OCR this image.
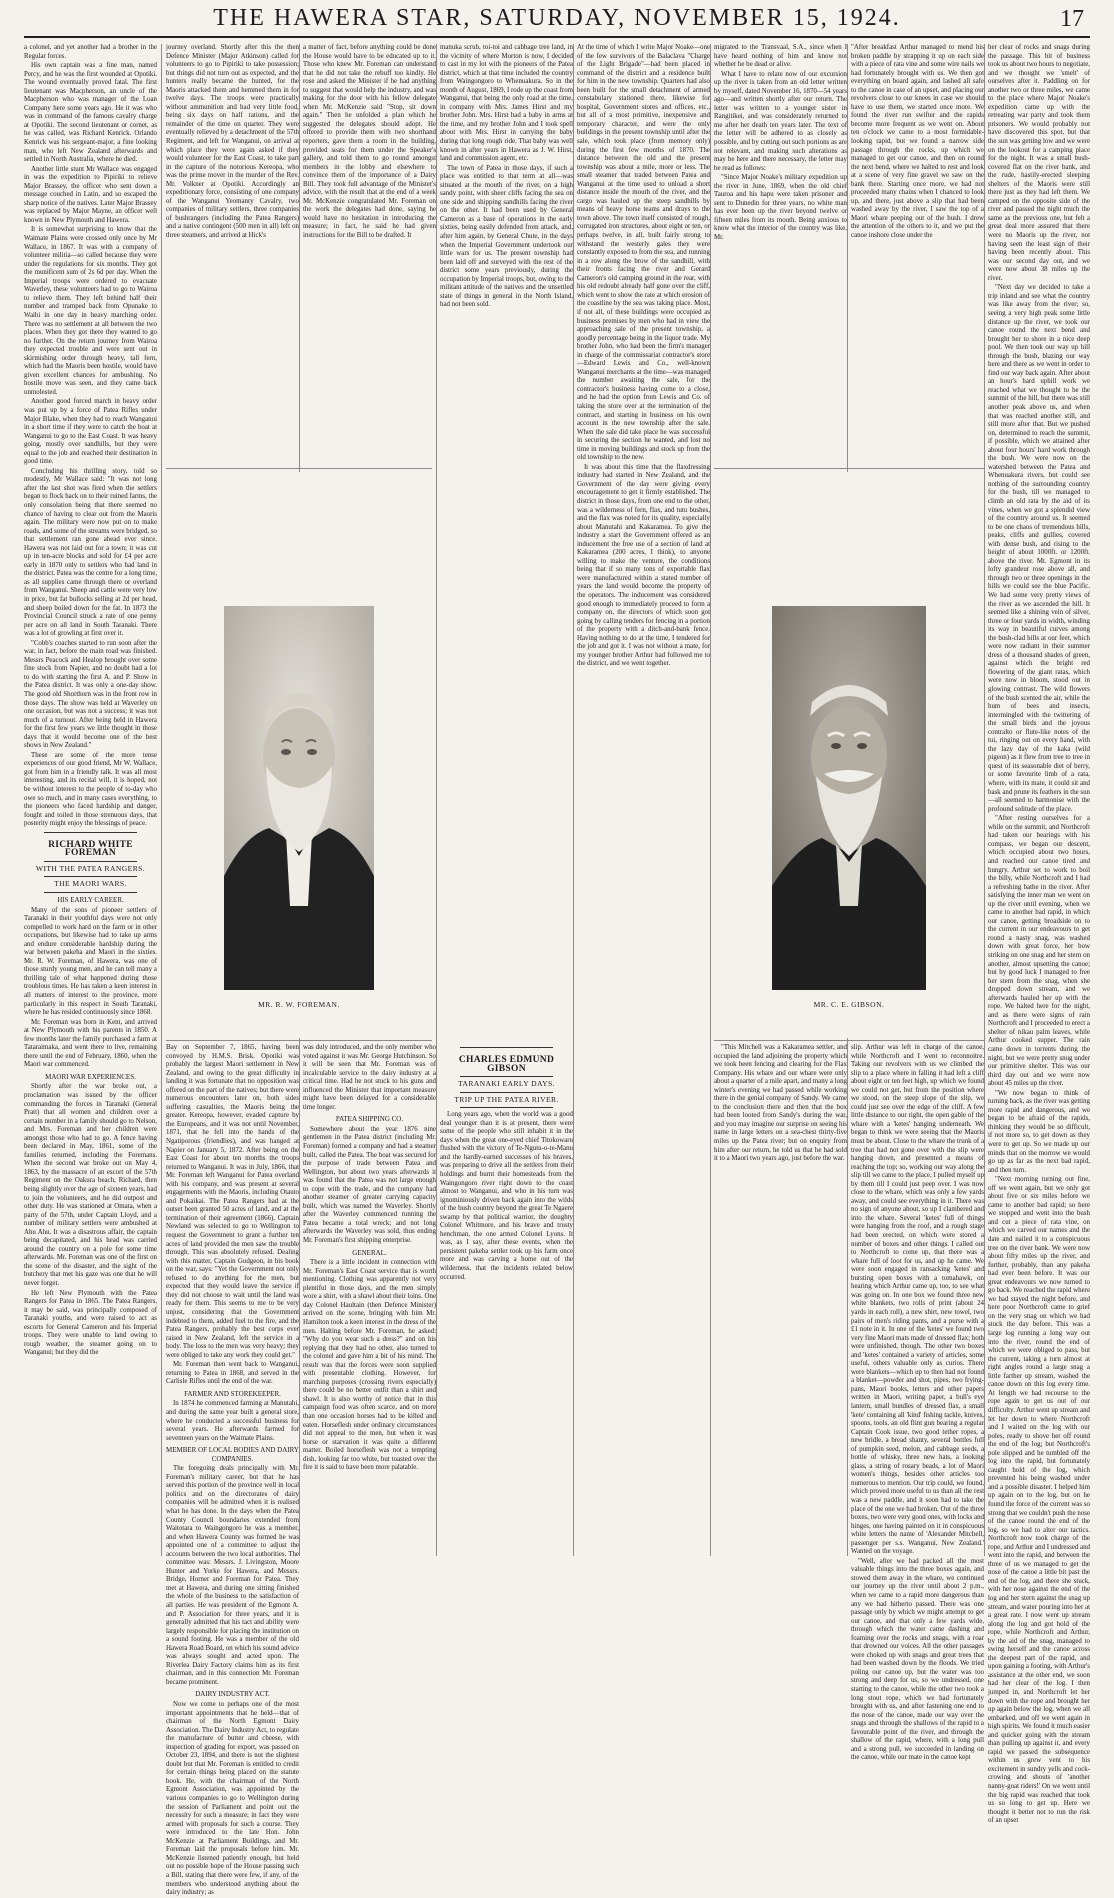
THE HAWERA STAR, SATURDAY, NOVEMBER 15, 1924.	17

a colonel, and yet another had a brother in the Regular forces.

His own captain was a fine man, named Percy, and he was the first wounded at Opotiki. The wound eventually proved fatal. The first lieutenant was Macpherson, an uncle of the Macpherson who was manager of the Loan Company here some years ago. He it was who was in command of the famous cavalry charge at Opotiki. The second lieutenant or cornet, as he was called, was Richard Kenrick. Orlando Kenrick was his sergeant-major, a fine looking man, who left New Zealand afterwards and settled in North Australia, where he died.

Another little stunt Mr Wallace was engaged in was the expedition to Pipiriki to relieve Major Brassey, the officer who sent down a message couched in Latin, and so escaped the sharp notice of the natives. Later Major Brassey was replaced by Major Mayne, an officer well known in New Plymouth and Hawera.

It is somewhat surprising to know that the Waimate Plains were crossed only once by Mr Wallace, in 1867. It was with a company of volunteer militia—so called because they were under the regulations for six months. They got the munificent sum of 2s 6d per day. When the Imperial troops were ordered to evacuate Waverley, these volunteers had to go to Wairoa to relieve them. They left behind half their number and tramped back from Opunake to Waihi in one day in heavy marching order. There was no settlement at all between the two places. When they got there they wanted to go no further. On the return journey from Wairoa they expected trouble and were sent out in skirmishing order through heavy, tall fern, which had the Maoris been hostile, would have given excellent chances for ambushing. No hostile move was seen, and they came back unmolested.

Another good forced march in heavy order was put up by a force of Patea Rifles under Major Blake, when they had to reach Wanganui in a short time if they were to catch the boat at Wanganui to go to the East Coast. It was heavy going, mostly over sandhills, but they were equal to the job and reached their destination in good time.

Concluding his thrilling story, told so modestly, Mr Wallace said: "It was not long after the last shot was fired when the settlers began to flock back on to their ruined farms, the only consolation being that there seemed no chance of having to clear out from the Maoris again. The military were now put on to make roads, and some of the streams were bridged, so that settlement ran gone ahead ever since. Hawera was not laid out for a town; it was cut up in ten-acre blocks and sold for £4 per acre early in 1870 only to settlers who had land in the district. Patea was the centre for a long time, as all supplies came through there or overland from Wanganui. Sheep and cattle were very low in price, but fat bullocks selling at 2d per head, and sheep boiled down for the fat. In 1873 the Provincial Council struck a rate of one penny per acre on all land in South Taranaki. There was a lot of growling at first over it.

"Cobb's coaches started to run soon after the war, in fact, before the main road was finished. Messrs Peacock and Healop brought over some fine stock from Napier, and no doubt had a lot to do with starting the first A. and P. Show in the Patea district. It was only a one-day show. The good old Shorthorn was in the front row in those days. The show was held at Waverley on one occasion, but was not a success; it was not much of a turnout. After being held in Hawera for the first few years we little thought in those days that it would become one of the best shows in New Zealand."

These are some of the more tense experiences of our good friend, Mr W. Wallace, got from him in a friendly talk. It was all most interesting, and its recital will, it is hoped, not be without interest to the people of to-day who owe so much, and in many cases everything, to the pioneers who faced hardship and danger, fought and toiled in those strenuous days, that posterity might enjoy the blessings of peace.

RICHARD WHITE FOREMAN

WITH THE PATEA RANGERS.

THE MAORI WARS.

HIS EARLY CAREER.

Many of the sons of pioneer settlers of Taranaki in their youthful days were not only compelled to work hard on the farm or in other occupations, but likewise had to take up arms and endure considerable hardship during the war between pakeha and Maori in the sixties. Mr. R. W. Foreman, of Hawera, was one of those sturdy young men, and he can tell many a thrilling tale of what happened during those troublous times. He has taken a keen interest in all matters of interest to the province, more particularly in this respect in South Taranaki, where he has resided continuously since 1868.

Mr. Foreman was born in Kent, and arrived at New Plymouth with his parents in 1850. A few months later the family purchased a farm at Tataraimaka, and went there to live, remaining there until the end of February, 1860, when the Maori war commenced.

MAORI WAR EXPERIENCES.

Shortly after the war broke out, a proclamation was issued by the officer commanding the forces in Taranaki (General Pratt) that all women and children over a certain number in a family should go to Nelson, and Mrs. Foreman and her children were amongst those who had to go. A fence having been declared in May, 1861, some of the families returned, including the Foremans. When the second war broke out on May 4, 1863, by the massacre of an escort of the 57th Regiment on the Oakura beach, Richard, then being slightly over the age of sixteen years, had to join the volunteers, and he did outpost and other duty. He was stationed at Omata, when a party of the 57th, under Captain Lloyd, and a number of military settlers were ambushed at Ahu Ahu. It was a disastrous affair, the captain being decapitated, and his head was carried around the country on a pole for some time afterwards. Mr. Foreman was one of the first on the scene of the disaster, and the sight of the butchery that met his gaze was one that he will never forget.

He left New Plymouth with the Patea Rangers for Patea in 1865. The Patea Rangers, it may be said, was principally composed of Taranaki youths, and were raised to act as escorts for General Cameron and his Imperial troops. They were unable to land owing to rough weather, the steamer going on to Wanganui; but they did the

journey overland. Shortly after this the then Defence Minister (Major Atkinson) called for volunteers to go to Pipiriki to take possession; but things did not turn out as expected, and the hunters really became the hunted, for the Maoris attacked them and hemmed them in for twelve days. The troops were practically without ammunition and had very little food, being six days on half rations, and the remainder of the time on quarter. They were eventually relieved by a detachment of the 57th Regiment, and left for Wanganui, on arrival at which place they were again asked if they would volunteer for the East Coast, to take part in the capture of the notorious Kereopa, who was the prime mover in the murder of the Rev. Mr. Volkner at Opotiki. Accordingly an expeditionary force, consisting of one company of the Wanganui Yeomanry Cavalry, two companies of military settlers, three companies of bushrangers (including the Patea Rangers) and a native contingent (500 men in all) left on three steamers, and arrived at Hick's

Bay on September 7, 1865, having been convoyed by H.M.S. Brisk. Opotiki was probably the largest Maori settlement in New Zealand, and owing to the great difficulty in landing it was fortunate that no opposition was offered on the part of the natives; but there were numerous encounters later on, both sides suffering casualties, the Maoris being the greater. Kereopa, however, evaded capture by the Europeans, and it was not until November, 1871, that he fell into the hands of the Ngatiporous (friendlies), and was hanged at Napier on January 5, 1872. After being on the East Coast for about ten months the troops returned to Wanganui. It was in July, 1866, that Mr. Foreman left Wanganui for Patea overland with his company, and was present at several engagements with the Maoris, including Otauto and Pokaikai. The Patea Rangers had at the outset been granted 50 acres of land, and at the termination of their agreement (1866), Captain Newland was selected to go to Wellington to request the Government to grant a further ten acres of land provided the men saw the trouble through. This was absolutely refused. Dealing with this matter, Captain Gudgeon, in his book on the war, says: "Yet the Government not only refused to do anything for the men, but expected that they would leave the service if they did not choose to wait until the land was ready for them. This seems to me to be very unjust, considering that the Government indebted to them, added fuel to the fire, and the Patea Rangers, probably the best corps ever raised in New Zealand, left the service in a body. The loss to the men was very heavy; they were obliged to take any work they could get."

Mr. Foreman then went back to Wanganui, returning to Patea in 1868, and served in the Carlisle Rifles until the end of the war.

FARMER AND STOREKEEPER.

In 1874 he commenced farming at Manutahi, and during the same year built a general store, where he conducted a successful business for several years. He afterwards farmed for seventeen years on the Waimate Plains.

MEMBER OF LOCAL BODIES AND DAIRY COMPANIES.

The foregoing deals principally with Mr. Foreman's military career, but that he has served this portion of the province well in local politics and on the directorates of dairy companies will be admitted when it is realised what he has done. In the days when the Patea County Council boundaries extended from Waitotara to Waingongoro he was a member, and when Hawera County was formed he was appointed one of a committee to adjust the accounts between the two local authorities. The committee was: Messrs. J. Livingston, Moore Hunter and Yorke for Hawera, and Messrs. Bridge, Horner and Foreman for Patea. They met at Hawera, and during one sitting finished the whole of the business to the satisfaction of all parties. He was president of the Egmont A. and P. Association for three years, and it is generally admitted that his tact and ability were largely responsible for placing the institution on a sound footing. He was a member of the old Hawera Road Board, on which his sound advice was always sought and acted upon. The Riverlea Dairy Factory claims him as its first chairman, and in this connection Mr. Foreman became prominent.

DAIRY INDUSTRY ACT.

Now we come to perhaps one of the most important appointments that he held—that of chairman of the North Egmont Dairy Association. The Dairy Industry Act, to regulate the manufacture of butter and cheese, with inspection of grading for export, was passed on October 23, 1894, and there is not the slightest doubt but that Mr. Foreman is entitled to credit for certain things being placed on the statute book. He, with the chairman of the North Egmont Association, was appointed by the various companies to go to Wellington during the session of Parliament and point out the necessity for such a measure; in fact they were armed with proposals for such a course. They were introduced to the late Hon. John McKenzie at Parliament Buildings, and Mr. Foreman laid the proposals before him. Mr. McKenzie listened patiently enough, but held out no possible hope of the House passing such a Bill, stating that there were few, if any, of the members who understood anything about the dairy industry; as

a matter of fact, before anything could be done the House would have to be educated up to it. Those who knew Mr. Foreman can understand that he did not take the rebuff too kindly. He rose and asked the Minister if he had anything to suggest that would help the industry, and was making for the door with his fellow delegate when Mr. McKenzie said "Stop, sit down again." Then he unfolded a plan which he suggested the delegates should adopt. He offered to provide them with two shorthand reporters, gave them a room in the building, provided seats for them under the Speaker's gallery, and told them to go round amongst members in the lobby and elsewhere to convince them of the importance of a Dairy Bill. They took full advantage of the Minister's advice, with the result that at the end of a week Mr. McKenzie congratulated Mr. Foreman on the work the delegates had done, saying he would have no hesitation in introducing the measure; in fact, he said he had given instructions for the Bill to be drafted. It

was duly introduced, and the only member who voted against it was Mr. George Hutchinson. So it will be seen that Mr. Foreman was of incalculable service to the dairy industry at a critical time. Had he not stuck to his guns and influenced the Minister that important measure might have been delayed for a considerable time longer.

PATEA SHIPPING CO.

Somewhere about the year 1876 nine gentlemen in the Patea district (including Mr. Foreman) formed a company and had a steamer built, called the Patea. The boat was secured for the purpose of trade between Patea and Wellington, but about two years afterwards it was found that the Patea was not large enough to cope with the trade, and the company had another steamer of greater carrying capacity built, which was named the Waverley. Shortly after the Waverley commenced running the Patea became a total wreck; and not long afterwards the Waverley was sold, thus ending Mr. Foreman's first shipping enterprise.

GENERAL.

There is a little incident in connection with Mr. Foreman's East Coast service that is worth mentioning. Clothing was apparently not very plentiful in those days, and the men simply wore a shirt, with a shawl about their loins. One day Colonel Haultain (then Defence Minister) arrived on the scene, bringing with him Mr. Hamilton took a keen interest in the dress of the men. Halting before Mr. Foreman, he asked: "Why do you wear such a dress?" and on his replying that they had no other, also turned to the colonel and gave him a bit of his mind. The result was that the forces were soon supplied with presentable clothing. However, for marching purposes (crossing rivers especially) there could be no better outfit than a shirt and shawl. It is also worthy of notice that in this campaign food was often scarce, and on more than one occasion horses had to be killed and eaten. Horseflesh under ordinary circumstances did not appeal to the men, but when it was horse or starvation it was quite a different matter. Boiled horseflesh was not a tempting dish, looking far too white, but toasted over the fire it is said to have been more palatable.

manuka scrub, toi-toi and cabbage tree land, in the vicinity of where Morton is now, I decided to cast in my lot with the pioneers of the Patea district, which at that time included the country from Waingongoro to Whenuakura. So in the month of August, 1869, I rode up the coast from Wanganui, that being the only road at the time, in company with Mrs. James Hirst and my brother John. Mrs. Hirst had a baby in arms at the time, and my brother John and I took spell about with Mrs. Hirst in carrying the baby during that long rough ride. That baby was well known in after years in Hawera as J. W. Hirst, land and commission agent, etc.

The town of Patea in those days, if such a place was entitled to that term at all—was situated at the mouth of the river, on a high sandy point, with sheer cliffs facing the sea on one side and shipping sandhills facing the river on the other. It had been used by General Cameron as a base of operations in the early sixties, being easily defended from attack, and, after him again, by General Chute, in the days when the Imperial Government undertook our little wars for us. The present township had been laid off and surveyed with the rest of the district some years previously, during the occupation by Imperial troops, but, owing to the militant attitude of the natives and the unsettled state of things in general in the North Island, had not been sold.

CHARLES EDMUND GIBSON

TARANAKI EARLY DAYS.

TRIP UP THE PATEA RIVER.

Long years ago, when the world was a good deal younger than it is at present, there were some of the people who still inhabit it in the days when the great one-eyed chief Titokowaru flushed with the victory of Te-Ngutu-o-te-Manu and the hardly-earned successes of his braves, was preparing to drive all the settlers from their holdings and burnt their homesteads from the Waingongoro river right down to the coast almost to Wanganui, and who in his turn was ignominiously driven back again into the wilds of the bush country beyond the great Te Ngaere swamp by that political warrior, the doughty Colonel Whitmore, and his brave and trusty henchman, the one armed Colonel Lyons. It was, as I say, after these events, when the persistent pakeha settler took up his farm once more and was carving a home out of the wilderness, that the incidents related below occurred.

At the time of which I write Major Noake—one of the few survivors of the Balaclava "Charge of the Light Brigade"—had been placed in command of the district and a residence built for him in the new township. Quarters had also been built for the small detachment of armed constabulary stationed there, likewise for hospital, Government stores and offices, etc., but all of a most primitive, inexpensive and temporary character, and were the only buildings in the present township until after the sale, which took place (from memory only) during the first few months of 1870. The distance between the old and the present township was about a mile, more or less. The small steamer that traded between Patea and Wanganui at the time used to unload a short distance inside the mouth of the river, and the cargo was hauled up the steep sandhills by means of heavy horse teams and drays to the town above. The town itself consisted of rough, corrugated iron structures, about eight or ten, or perhaps twelve, in all, built fairly strong to withstand the westerly gales they were constantly exposed to from the sea, and running in a row along the brow of the sandhill, with their fronts facing the river and Gerard Cameron's old camping ground in the rear, with his old redoubt already half gone over the cliff, which went to show the rate at which erosion of the coastline by the sea was taking place. Most, if not all, of these buildings were occupied as business premises by men who had in view the approaching sale of the present township, a goodly percentage being in the liquor trade. My brother John, who had been the firm's manager in charge of the commissariat contractor's store—Edward Lewis and Co., well-known Wanganui merchants at the time—was managed the number awaiting the sale, for the contractor's business having come to a close, and he had the option from Lewis and Co. of taking the store over at the termination of the contract, and starting in business on his own account in the new township after the sale. When the sale did take place he was successful in securing the section he wanted, and lost no time in moving buildings and stock up from the old township to the new.

It was about this time that the flaxdressing industry had started in New Zealand, and the Government of the day were giving every encouragement to get it firmly established. The district in those days, from one end to the other, was a wilderness of fern, flax, and tutu bushes, and the flax was noted for its quality, especially about Manutahi and Kakaramea. To give the industry a start the Government offered as an inducement the free use of a section of land at Kakaramea (200 acres, I think), to anyone willing to make the venture, the conditions being that if so many tons of exportable flax were manufactured within a stated number of years the land would become the property of the operators. The inducement was considered good enough to immediately proceed to form a company on, the directors of which soon got going by calling tenders for fencing in a portion of the property with a ditch-and-bank fence. Having nothing to do at the time, I tendered for the job and got it. I was not without a mate, for my younger brother Arthur had followed me to the district, and we went together.

migrated to the Transvaal, S.A., since when I have heard nothing of him and know not whether he be dead or alive.

What I have to relate now of our excursion up the river is taken from an old letter written by myself, dated November 16, 1870—54 years ago—and written shortly after our return. The letter was written to a younger sister in Rangitikei, and was considerately returned to me after her death ten years later. The text of the letter will be adhered to as closely as possible, and by cutting out such portions as are not relevant, and making such alterations as may be here and there necessary, the letter may be read as follows:

"Since Major Noake's military expedition up the river in June, 1869, when the old chief Tauroa and his hapu were taken prisoner and sent to Dunedin for three years, no white man has ever been up the river beyond twelve or fifteen miles from its mouth. Being anxious to know what the interior of the country was like, Mr.

"This Mitchell was a Kakaramea settler, and occupied the land adjoining the property which we took been fencing and clearing for the Flax Company. His whare and our whare were only about a quarter of a mile apart, and many a long winter's evening we had passed while working there in the genial company of Sandy. We came to the conclusion there and then that the box had been looted from Sandy's during the war, and you may imagine our surprise on seeing his name in large letters on a sea-chest thirty-five miles up the Patea river; but on enquiry from him after our return, he told us that he had sold it to a Maori two years ago, just before the war.

"After breakfast Arthur managed to mend his broken paddle by strapping it up on each side with a piece of rata vine and some wire nails we had fortunately brought with us. We then got everything on board again, and lashed all safe to the canoe in case of an upset, and placing our revolvers close to our knees in case we should have to use them, we started once more. We found the river run swifter and the rapids become more frequent as we went on. About ten o'clock we came to a most formidable-looking rapid, but we found a narrow side passage through the rocks, up which we managed to get our canoe, and then on round the next bend, where we halted to rest and look at a scene of very fine gravel we saw on the bank there. Starting once more, we had not proceeded many chains when I chanced to look up, and there, just above a slip that had been washed away by the river, I saw the top of a Maori whare peeping out of the bush. I drew the attention of the others to it, and we put the canoe inshore close under the

slip. Arthur was left in charge of the canoe, while Northcroft and I went to reconnoitre. Taking our revolvers with us we climbed the slip to a place where in falling it had left a cliff about eight or ten feet high, up which we found we could not get, but from the position where we stood, on the steep slope of the slip, we could just see over the edge of the cliff. A few little distance to our right, the open gable of the whare with a 'ketes' hanging underneath. We began to think we were seeing that the Maoris must be about. Close to the whare the trunk of a tree that had not gone over with the slip were hanging down, and presented a means of reaching the top; so, working our way along the slip till we came to the place, I pulled myself up by them till I could just peep over. I was now close to the whare, which was only a few yards away, and could see everything in it. There was no sign of anyone about, so up I clambered and into the whare. Several 'ketes' full of things were hanging from the roof, and a rough stage had been erected, on which were stored a number of boxes and other things. I called out to Northcroft to come up, that there was a whare full of loot for us, and up he came. We were soon engaged in ransacking 'ketes' and bursting open boxes with a tomahawk, on hearing which Arthur came up, too, to see what was going on. In one box we found three new white blankets, two rolls of print (about 24 yards in each roll), a new shirt, new towel, two pairs of men's riding pants, and a purse with a £1 note in it. In one of the 'ketes' we found two very fine Maori mats made of dressed flax; both were unfinished, though. The other two boxes and 'ketes' contained a variety of articles, some useful, others valuable only as curios. There were blankets—which up to then had not found a blanket—powder and shot, pipes, two frying-pans, Maori books, letters and other papers written in Maori, writing paper, a bull's eye lantern, small bundles of dressed flax, a small 'kete' containing all 'kind' fishing tackle, knives, spoons, tools, an old flint gun bearing a regular Captain Cook issue, two good tether ropes, a new bridle, a bread shanty, several bottles full of pumpkin seed, melon, and cabbage seeds, a bottle of whisky, three new hats, a looking glass, a string of rosary beads, a lot of Maori women's things, besides other articles too numerous to mention. Our trip could, we found, which proved more useful to us than all the rest was a new paddle, and it soon had to take the place of the one we had broken. Out of the three boxes, two were very good ones, with locks and hinges, one having painted on it in conspicuous white letters the name of 'Alexander Mitchell, passenger per s.s. Wanganui, New Zealand.' Wanted on the voyage.

"Well, after we had packed all the most valuable things into the three boxes again, and stowed them away in the whare, we continued our journey up the river until about 2 p.m., when we came to a rapid more dangerous than any we had hitherto passed. There was one passage only by which we might attempt to get our canoe, and that only a few yards wide, through which the water came dashing and foaming over the rocks and snags, with a roar that drowned our voices. All the other passages were choked up with snags and great trees that had been washed down by the floods. We tried poling our canoe up, but the water was too strong and deep for us, so we undressed, one starting to the canoe, while the other two took a long stout rope, which we had fortunately brought with us, and after fastening one end to the nose of the canoe, made our way over the snags and through the shallows of the rapid to a favourable point of the river, and through the shallow of the rapid, where, with a long pull and a strong pull, we succeeded in landing on the canoe, while our mate in the canoe kept

her clear of rocks and snags during the passage. This bit of business took us about two hours to negotiate, and we thought we 'smelt' of ourselves after it. Paddling on for another two or three miles, we came to the place where Major Noake's expedition came up with the retreating war party and took them prisoners. We would probably not have discovered this spot, but that the sun was getting low and we were on the lookout for a camping place for the night. It was a small bush-covered flat on the river bank, and the rude, hastily-erected sleeping shelters of the Maoris were still there just as they had left them. We camped on the opposite side of the river and passed the night much the same as the previous one, but felt a great deal more assured that there were no Maoris up the river, not having seen the least sign of their having been recently about. This was our second day out, and we were now about 38 miles up the river.

"Next day we decided to take a trip inland and see what the country was like away from the river; so, seeing a very high peak some little distance up the river, we took our canoe round the next bend and brought her to shore in a nice deep pool. We then took our way up hill through the bush, blazing our way here and there as we went in order to find our way back again. After about an hour's hard uphill work we reached what we thought to be the summit of the hill, but there was still another peak above us, and when that was reached another still, and still more after that. But we pushed on, determined to reach the summit, if possible, which we attained after about four hours' hard work through the bush. We were now on the watershed between the Patea and Whenuakura rivers, but could see nothing of the surrounding country for the bush, till we managed to climb an old rata by the aid of its vines, when we got a splendid view of the country around us. It seemed to be one chaos of tremendous hills, peaks, cliffs and gullies, covered with dense bush, and rising to the height of about 1000ft. or 1200ft. above the river. Mt. Egmont in its lofty grandeur rose above all, and through two or three openings in the hills we could see the blue Pacific. We had some very pretty views of the river as we ascended the hill. It seemed like a shining vein of silver, three or four yards in width, winding its way in beautiful curves among the bush-clad hills at our feet, which were now radiant in their summer dress of a thousand shades of green, against which the bright red flowering of the giant ratas, which were now in bloom, stood out in glowing contrast. The wild flowers of the bush scented the air, while the hum of bees and insects, intermingled with the twittering of the small birds and the joyous contralto or flute-like notes of the tui, ringing out on every hand, with the lazy day of the kaka (wild pigeon) as it flew from tree to tree in quest of its seasonable diet of berry, or some favourite limb of a rata, where, with its mate, it could sit and bask and prune its feathers in the sun—all seemed to harmonise with the profound solitude of the place.

"After resting ourselves for a while on the summit, and Northcroft had taken our bearings with his compass, we began our descent, which occupied about two hours, and reached our canoe tired and hungry. Arthur set to work to boil the billy, while Northcroft and I had a refreshing bathe in the river. After satisfying the inner man we went on up the river until evening, when we came to another bad rapid, in which our canoe, getting broadside on to the current in our endeavours to get round a nasty snag, was washed down with great force, her bow striking on one snag and her stern on another, almost upsetting the canoe; but by good luck I managed to free her stern from the snag, when she dropped down stream, and we afterwards hauled her up with the rope. We halted here for the night, and as there were signs of rain Northcroft and I proceeded to erect a shelter of nikau palm leaves, while Arthur cooked supper. The rain came down in torrents during the night, but we were pretty snug under our primitive shelter. This was our third day out and we were now about 45 miles up the river.

"We now began to think of turning back, as the river was getting more rapid and dangerous, and we began to be afraid of the rapids, thinking they would be so difficult, if not more so, to get down as they were to get up. So we made up our minds that on the morrow we would go up as far as the next bad rapid, and then turn.

"Next morning turning out fine, off we went again, but we only got about five or six miles before we came to another bad rapid; so here we stopped and went into the bush and cut a piece of rata vine, on which we carved our names and the date and nailed it to a conspicuous tree on the river bank. We were now about fifty miles up the river, and further, probably, than any pakeha had ever been before. It was our great endeavours we now turned to go back. We reached the rapid where we had stayed the night before, and here poor Northcroft came to grief on the very snag on which we had stuck the day before. This was a large log running a long way out into the river, round the end of which we were obliged to pass, but the current, taking a turn almost at right angles round a large snag a little farther up stream, washed the canoe down on this log every time. At length we had recourse to the rope again to get us out of our difficulty. Arthur went up stream and let her down to where Northcroft and I waited on the log with our poles, ready to shove her off round the end of the log; but Northcroft's pole slipped and he tumbled off the log into the rapid, but fortunately caught hold of the log, which prevented his being washed under and a possible disaster. I helped him up again on to the log, but on he found the force of the current was so strong that we couldn't push the nose of the canoe round the end of the log, so we had to alter our tactics. Northcroft now took charge of the rope, and Arthur and I undressed and went into the rapid, and between the three of us we managed to get the nose of the canoe a little bit past the end of the log, and there she stuck, with her nose against the end of the log and her stern against the snag up stream, and water pouring into her at a great rate. I now went up stream along the log and got hold of the rope, while Northcroft and Arthur, by the aid of the snag, managed to swing herself and the canoe across the deepest part of the rapid, and upon gaining a footing, with Arthur's assistance at the other end, we soon had her clear of the log. I then jumped in, and Northcroft let her down with the rope and brought her up again below the log, when we all embarked, and off we went again in high spirits. We found it much easier and quicker going with the stream than pulling up against it, and every rapid we passed the subsequence within us grew vent to his excitement in sundry yells and cock-crowing and shouts of 'another nanny-goat riders!' On we went until the big rapid was reached that took us so long to get up. Here we thought it better not to run the risk of an upset

MR. R. W. FOREMAN.	MR. C. E. GIBSON.
